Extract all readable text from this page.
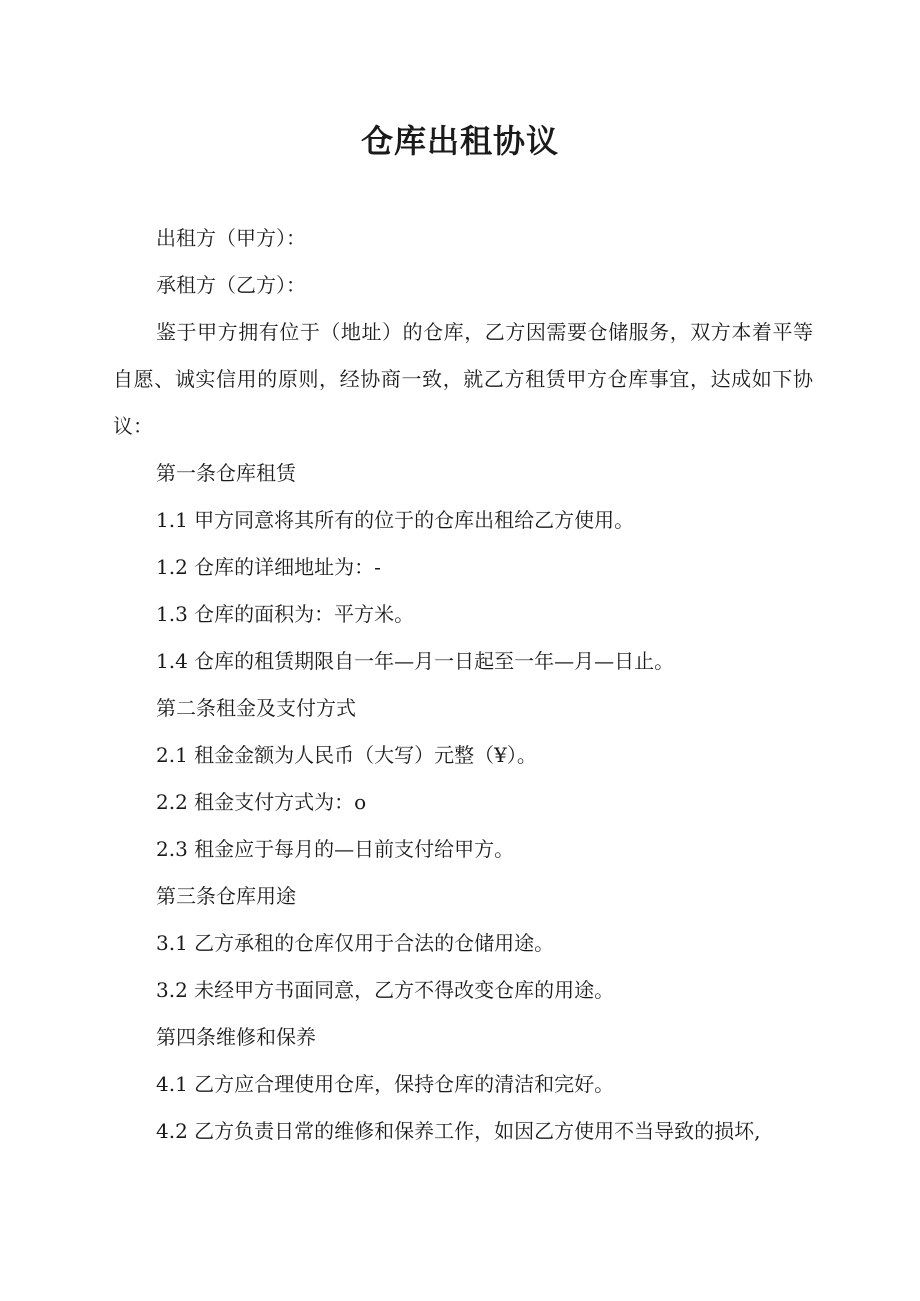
仓库出租协议

出租方（甲方）：

承租方（乙方）：

鉴于甲方拥有位于（地址）的仓库，乙方因需要仓储服务，双方本着平等自愿、诚实信用的原则，经协商一致，就乙方租赁甲方仓库事宜，达成如下协议：

第一条仓库租赁

1.1 甲方同意将其所有的位于的仓库出租给乙方使用。

1.2 仓库的详细地址为：-

1.3 仓库的面积为：平方米。

1.4 仓库的租赁期限自一年—月一日起至一年—月—日止。

第二条租金及支付方式

2.1 租金金额为人民币（大写）元整（¥）。

2.2 租金支付方式为：o

2.3 租金应于每月的—日前支付给甲方。

第三条仓库用途

3.1 乙方承租的仓库仅用于合法的仓储用途。

3.2 未经甲方书面同意，乙方不得改变仓库的用途。

第四条维修和保养

4.1 乙方应合理使用仓库，保持仓库的清洁和完好。

4.2 乙方负责日常的维修和保养工作，如因乙方使用不当导致的损坏,
